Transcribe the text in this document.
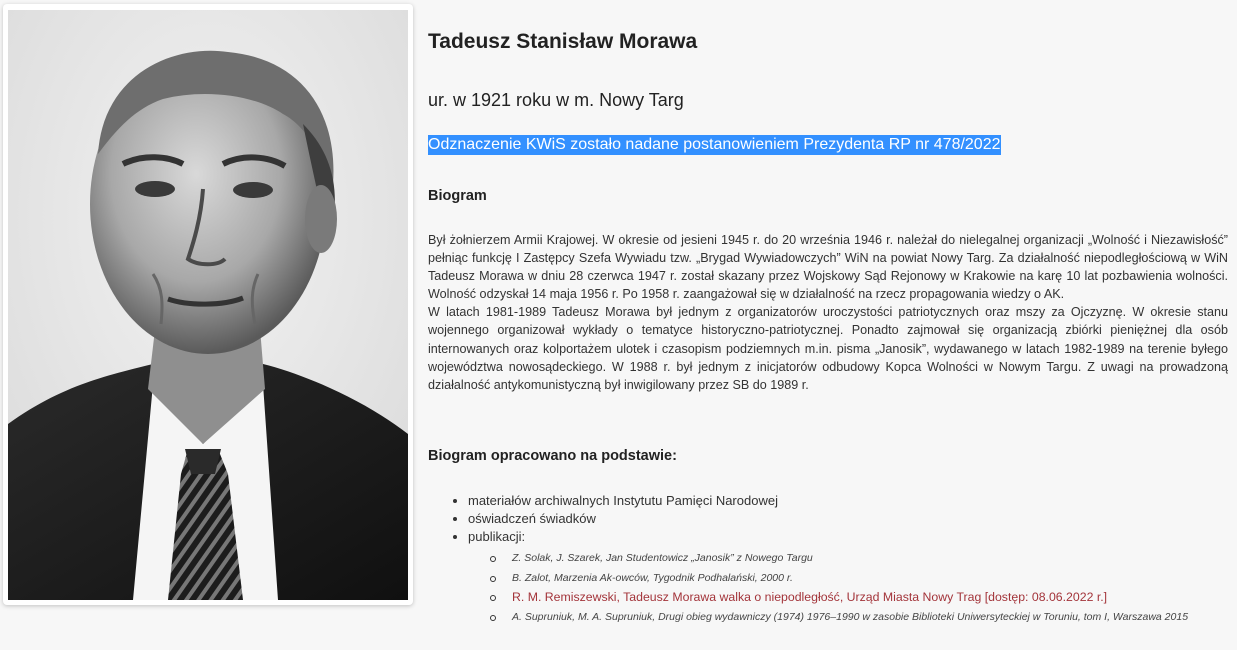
Tadeusz Stanisław Morawa
ur. w 1921 roku w m. Nowy Targ
Odznaczenie KWiS zostało nadane postanowieniem Prezydenta RP nr 478/2022
Biogram

Był żołnierzem Armii Krajowej. W okresie od jesieni 1945 r. do 20 września 1946 r. należał do nielegalnej organizacji „Wolność i Niezawisłość” pełniąc funkcję I Zastępcy Szefa Wywiadu tzw. „Brygad Wywiadowczych” WiN na powiat Nowy Targ. Za działalność niepodległościową w WiN Tadeusz Morawa w dniu 28 czerwca 1947 r. został skazany przez Wojskowy Sąd Rejonowy w Krakowie na karę 10 lat pozbawienia wolności. Wolność odzyskał 14 maja 1956 r. Po 1958 r. zaangażował się w działalność na rzecz propagowania wiedzy o AK.

W latach 1981-1989 Tadeusz Morawa był jednym z organizatorów uroczystości patriotycznych oraz mszy za Ojczyznę. W okresie stanu wojennego organizował wykłady o tematyce historyczno-patriotycznej. Ponadto zajmował się organizacją zbiórki pieniężnej dla osób internowanych oraz kolportażem ulotek i czasopism podziemnych m.in. pisma „Janosik”, wydawanego w latach 1982-1989 na terenie byłego województwa nowosądeckiego. W 1988 r. był jednym z inicjatorów odbudowy Kopca Wolności w Nowym Targu. Z uwagi na prowadzoną działalność antykomunistyczną był inwigilowany przez SB do 1989 r.

Biogram opracowano na podstawie:
• materiałów archiwalnych Instytutu Pamięci Narodowej
• oświadczeń świadków
• publikacji:
Z. Solak, J. Szarek, Jan Studentowicz „Janosik” z Nowego Targu
B. Zalot, Marzenia Ak-owców, Tygodnik Podhalański, 2000 r.
R. M. Remiszewski, Tadeusz Morawa walka o niepodległość, Urząd Miasta Nowy Trag [dostęp: 08.06.2022 r.]
A. Supruniuk, M. A. Supruniuk, Drugi obieg wydawniczy (1974) 1976–1990 w zasobie Biblioteki Uniwersyteckiej w Toruniu, tom I, Warszawa 2015
